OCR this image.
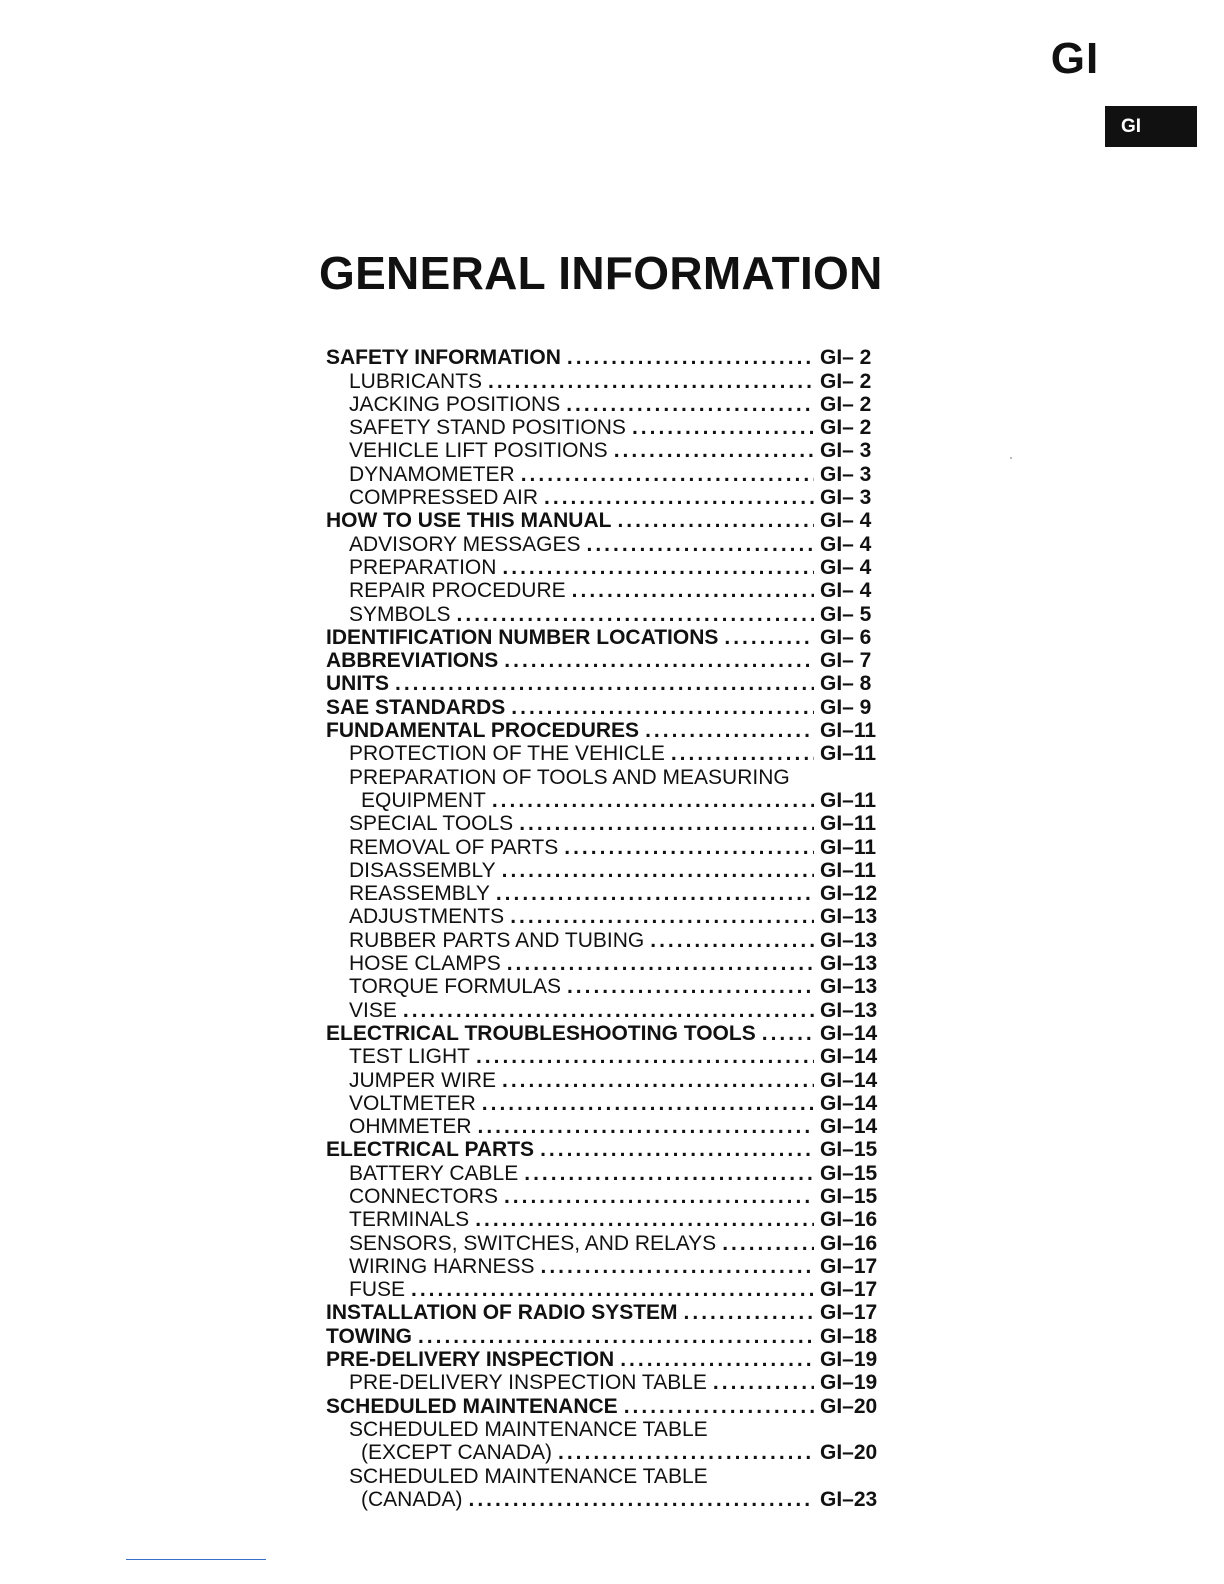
GI
GI
GENERAL INFORMATION
SAFETY INFORMATION .....	GI– 2
LUBRICANTS .....	GI– 2
JACKING POSITIONS .....	GI– 2
SAFETY STAND POSITIONS .....	GI– 2
VEHICLE LIFT POSITIONS .....	GI– 3
DYNAMOMETER .....	GI– 3
COMPRESSED AIR .....	GI– 3
HOW TO USE THIS MANUAL .....	GI– 4
ADVISORY MESSAGES .....	GI– 4
PREPARATION .....	GI– 4
REPAIR PROCEDURE .....	GI– 4
SYMBOLS .....	GI– 5
IDENTIFICATION NUMBER LOCATIONS .....	GI– 6
ABBREVIATIONS .....	GI– 7
UNITS .....	GI– 8
SAE STANDARDS .....	GI– 9
FUNDAMENTAL PROCEDURES .....	GI–11
PROTECTION OF THE VEHICLE .....	GI–11
PREPARATION OF TOOLS AND MEASURING
EQUIPMENT .....	GI–11
SPECIAL TOOLS .....	GI–11
REMOVAL OF PARTS .....	GI–11
DISASSEMBLY .....	GI–11
REASSEMBLY .....	GI–12
ADJUSTMENTS .....	GI–13
RUBBER PARTS AND TUBING .....	GI–13
HOSE CLAMPS .....	GI–13
TORQUE FORMULAS .....	GI–13
VISE .....	GI–13
ELECTRICAL TROUBLESHOOTING TOOLS .....	GI–14
TEST LIGHT .....	GI–14
JUMPER WIRE .....	GI–14
VOLTMETER .....	GI–14
OHMMETER .....	GI–14
ELECTRICAL PARTS .....	GI–15
BATTERY CABLE .....	GI–15
CONNECTORS .....	GI–15
TERMINALS .....	GI–16
SENSORS, SWITCHES, AND RELAYS .....	GI–16
WIRING HARNESS .....	GI–17
FUSE .....	GI–17
INSTALLATION OF RADIO SYSTEM .....	GI–17
TOWING .....	GI–18
PRE-DELIVERY INSPECTION .....	GI–19
PRE-DELIVERY INSPECTION TABLE .....	GI–19
SCHEDULED MAINTENANCE .....	GI–20
SCHEDULED MAINTENANCE TABLE
(EXCEPT CANADA) .....	GI–20
SCHEDULED MAINTENANCE TABLE
(CANADA) .....	GI–23
